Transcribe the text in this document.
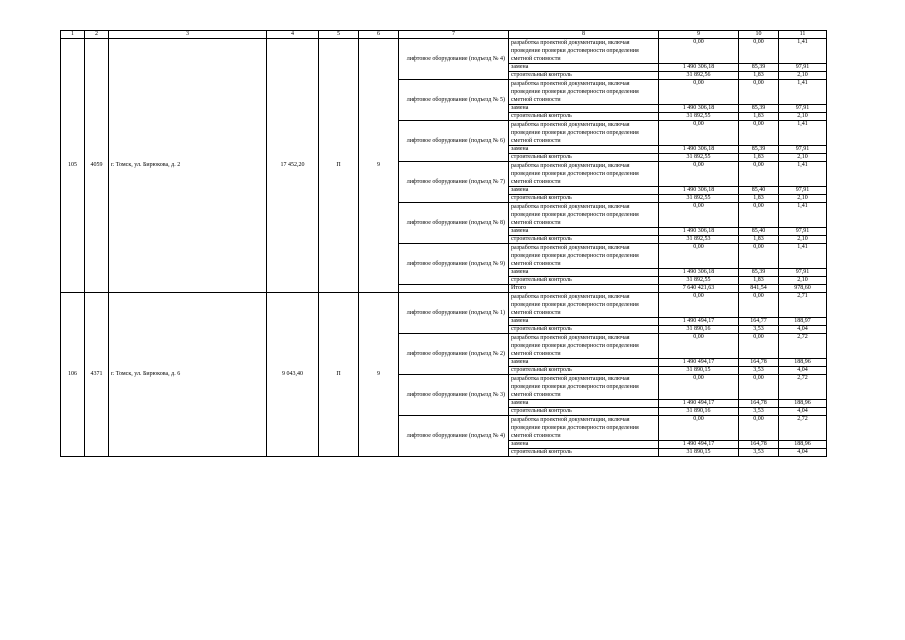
1	2	3	4	5	6	7	8	9	10	11
105	4059	г. Томск, ул. Бирюкова, д. 2	17 452,20	П	9	лифтовое оборудование (подъезд № 4)	разработка проектной документации, включая проведение проверки достоверности определения сметной стоимости	0,00	0,00	1,41
							замена	1 490 306,18	85,39	97,91
							строительный контроль	31 892,56	1,83	2,10
						лифтовое оборудование (подъезд № 5)	разработка проектной документации, включая проведение проверки достоверности определения сметной стоимости	0,00	0,00	1,41
							замена	1 490 306,18	85,39	97,91
							строительный контроль	31 892,55	1,83	2,10
						лифтовое оборудование (подъезд № 6)	разработка проектной документации, включая проведение проверки достоверности определения сметной стоимости	0,00	0,00	1,41
							замена	1 490 306,18	85,39	97,91
							строительный контроль	31 892,55	1,83	2,10
						лифтовое оборудование (подъезд № 7)	разработка проектной документации, включая проведение проверки достоверности определения сметной стоимости	0,00	0,00	1,41
							замена	1 490 306,18	85,40	97,91
							строительный контроль	31 892,55	1,83	2,10
						лифтовое оборудование (подъезд № 8)	разработка проектной документации, включая проведение проверки достоверности определения сметной стоимости	0,00	0,00	1,41
							замена	1 490 306,18	85,40	97,91
							строительный контроль	31 892,53	1,83	2,10
						лифтовое оборудование (подъезд № 9)	разработка проектной документации, включая проведение проверки достоверности определения сметной стоимости	0,00	0,00	1,41
							замена	1 490 306,18	85,39	97,91
							строительный контроль	31 892,55	1,83	2,10
							Итого	7 640 421,63	841,54	978,60
106	4371	г. Томск, ул. Бирюкова, д. 6	9 043,40	П	9	лифтовое оборудование (подъезд № 1)	разработка проектной документации, включая проведение проверки достоверности определения сметной стоимости	0,00	0,00	2,71
							замена	1 490 494,17	164,77	188,97
							строительный контроль	31 890,16	3,53	4,04
						лифтовое оборудование (подъезд № 2)	разработка проектной документации, включая проведение проверки достоверности определения сметной стоимости	0,00	0,00	2,72
							замена	1 490 494,17	164,78	188,96
							строительный контроль	31 890,15	3,53	4,04
						лифтовое оборудование (подъезд № 3)	разработка проектной документации, включая проведение проверки достоверности определения сметной стоимости	0,00	0,00	2,72
							замена	1 490 494,17	164,78	188,96
							строительный контроль	31 890,16	3,53	4,04
						лифтовое оборудование (подъезд № 4)	разработка проектной документации, включая проведение проверки достоверности определения сметной стоимости	0,00	0,00	2,72
							замена	1 490 494,17	164,78	188,96
							строительный контроль	31 890,15	3,53	4,04
